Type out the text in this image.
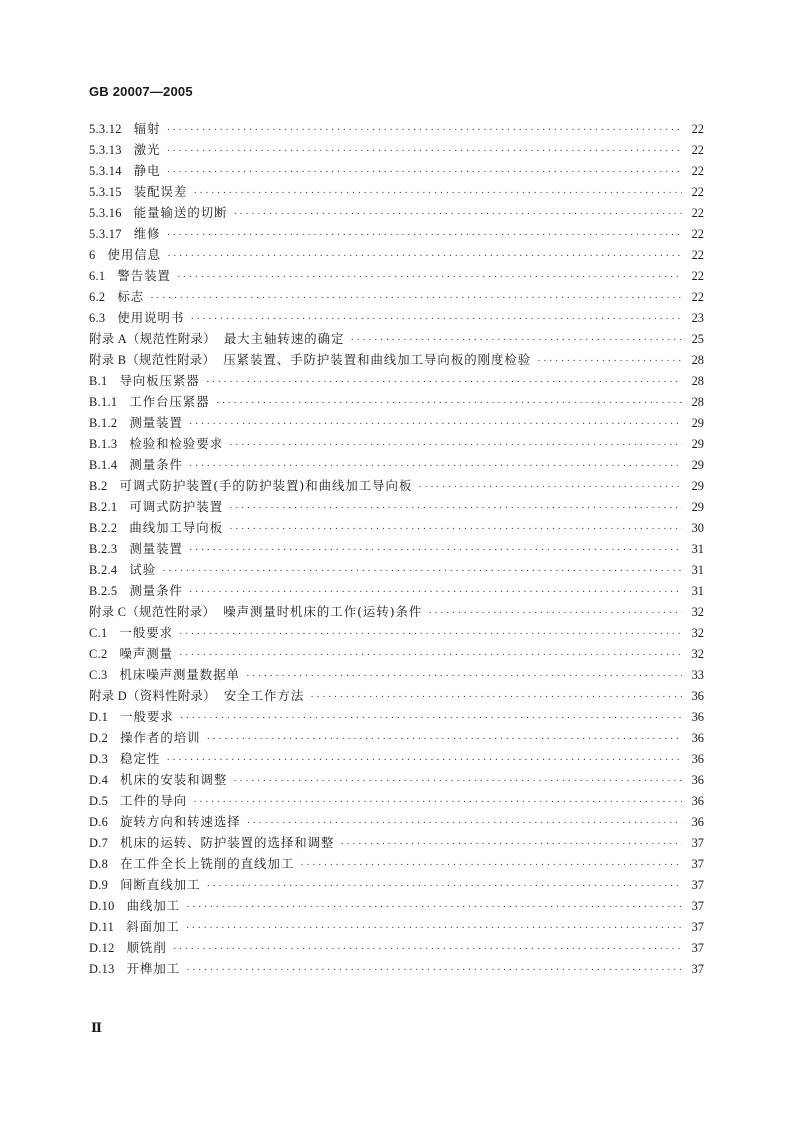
GB 20007—2005
5.3.12 辐射 ·····	22
5.3.13 激光 ·····	22
5.3.14 静电 ·····	22
5.3.15 装配误差 ·····	22
5.3.16 能量输送的切断 ·····	22
5.3.17 维修 ·····	22
6 使用信息 ·····	22
6.1 警告装置 ·····	22
6.2 标志 ·····	22
6.3 使用说明书 ·····	23
附录 A（规范性附录） 最大主轴转速的确定 ·····	25
附录 B（规范性附录） 压紧装置、手防护装置和曲线加工导向板的刚度检验 ·····	28
B.1 导向板压紧器 ·····	28
B.1.1 工作台压紧器 ·····	28
B.1.2 测量装置 ·····	29
B.1.3 检验和检验要求 ·····	29
B.1.4 测量条件 ·····	29
B.2 可调式防护装置(手的防护装置)和曲线加工导向板 ·····	29
B.2.1 可调式防护装置 ·····	29
B.2.2 曲线加工导向板 ·····	30
B.2.3 测量装置 ·····	31
B.2.4 试验 ·····	31
B.2.5 测量条件 ·····	31
附录 C（规范性附录） 噪声测量时机床的工作(运转)条件 ·····	32
C.1 一般要求 ·····	32
C.2 噪声测量 ·····	32
C.3 机床噪声测量数据单 ·····	33
附录 D（资料性附录） 安全工作方法 ·····	36
D.1 一般要求 ·····	36
D.2 操作者的培训 ·····	36
D.3 稳定性 ·····	36
D.4 机床的安装和调整 ·····	36
D.5 工件的导向 ·····	36
D.6 旋转方向和转速选择 ·····	36
D.7 机床的运转、防护装置的选择和调整 ·····	37
D.8 在工件全长上铣削的直线加工 ·····	37
D.9 间断直线加工 ·····	37
D.10 曲线加工 ·····	37
D.11 斜面加工 ·····	37
D.12 顺铣削 ·····	37
D.13 开榫加工 ·····	37
Ⅱ
